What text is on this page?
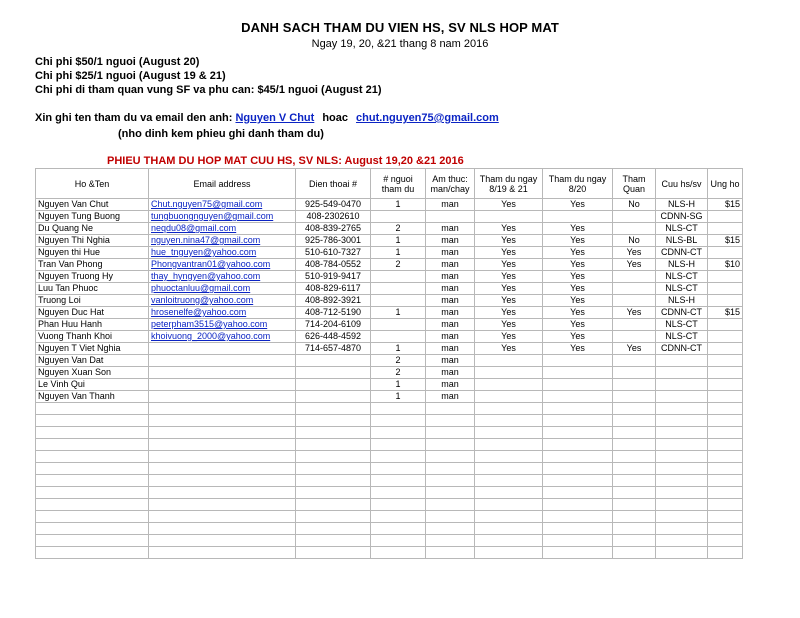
DANH SACH THAM DU VIEN HS, SV NLS HOP MAT
Ngay 19, 20, &21 thang 8 nam 2016
Chi phi $50/1 nguoi (August 20)
Chi phi $25/1 nguoi (August 19 & 21)
Chi phi di tham quan vung SF va phu can: $45/1 nguoi (August 21)
Xin ghi ten tham du va email den anh: Nguyen V Chut hoac chut.nguyen75@gmail.com
(nho dinh kem phieu ghi danh tham du)
PHIEU THAM DU HOP MAT CUU HS, SV NLS: August 19,20 &21 2016
Ho &Ten	Email address	Dien thoai #	# nguoi tham du	Am thuc: man/chay	Tham du ngay 8/19 & 21	Tham du ngay 8/20	Tham Quan	Cuu hs/sv	Ung ho
Nguyen Van Chut	Chut.nguyen75@gmail.com	925-549-0470	1	man	Yes	Yes	No	NLS-H	$15
Nguyen Tung Buong	tungbuongnguyen@gmail.com	408-2302610						CDNN-SG	
Du Quang Ne	neqdu08@gmail.com	408-839-2765	2	man	Yes	Yes		NLS-CT	
Nguyen Thi Nghia	nguyen.nina47@gmail.com	925-786-3001	1	man	Yes	Yes	No	NLS-BL	$15
Nguyen thi Hue	hue_tnguyen@yahoo.com	510-610-7327	1	man	Yes	Yes	Yes	CDNN-CT	
Tran Van Phong	Phongvantran01@yahoo.com	408-784-0552	2	man	Yes	Yes	Yes	NLS-H	$10
Nguyen Truong Hy	thay_hyngyen@yahoo.com	510-919-9417		man	Yes	Yes		NLS-CT	
Luu Tan Phuoc	phuoctanluu@gmail.com	408-829-6117		man	Yes	Yes		NLS-CT	
Truong Loi	vanloitruong@yahoo.com	408-892-3921		man	Yes	Yes		NLS-H	
Nguyen Duc Hat	hrosenelfe@yahoo.com	408-712-5190	1	man	Yes	Yes	Yes	CDNN-CT	$15
Phan Huu Hanh	peterpham3515@yahoo.com	714-204-6109		man	Yes	Yes		NLS-CT	
Vuong Thanh Khoi	khoivuong_2000@yahoo.com	626-448-4592		man	Yes	Yes		NLS-CT	
Nguyen T Viet Nghia		714-657-4870	1	man	Yes	Yes	Yes	CDNN-CT	
Nguyen Van Dat			2	man					
Nguyen Xuan Son			2	man					
Le Vinh Qui			1	man					
Nguyen Van Thanh			1	man					
